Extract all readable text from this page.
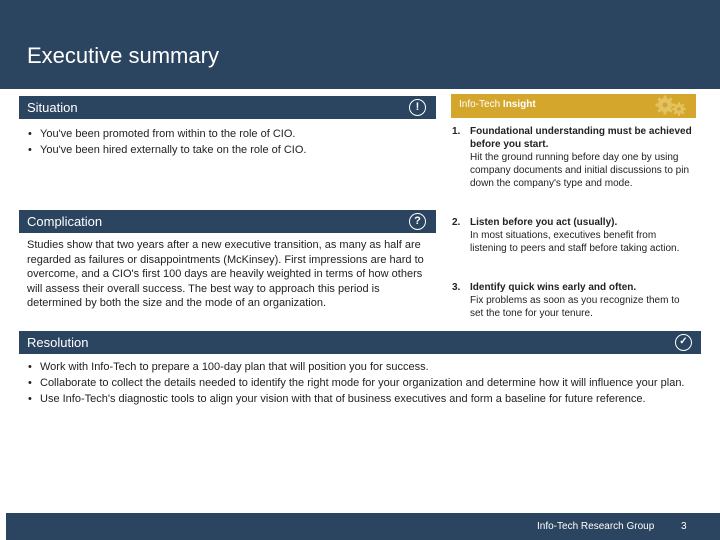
Executive summary
Situation	!
• You've been promoted from within to the role of CIO.
• You've been hired externally to take on the role of CIO.
Complication	?
Studies show that two years after a new executive transition, as many as half are regarded as failures or disappointments (McKinsey). First impressions are hard to overcome, and a CIO's first 100 days are heavily weighted in terms of how others will assess their overall success. The best way to approach this period is determined by both the size and the mode of an organization.
Resolution	✓
• Work with Info-Tech to prepare a 100-day plan that will position you for success.
• Collaborate to collect the details needed to identify the right mode for your organization and determine how it will influence your plan.
• Use Info-Tech's diagnostic tools to align your vision with that of business executives and form a baseline for future reference.
Info-Tech Insight
1. Foundational understanding must be achieved before you start.
Hit the ground running before day one by using company documents and initial discussions to pin down the company's type and mode.
2. Listen before you act (usually).
In most situations, executives benefit from listening to peers and staff before taking action.
3. Identify quick wins early and often.
Fix problems as soon as you recognize them to set the tone for your tenure.
Info-Tech Research Group	3
